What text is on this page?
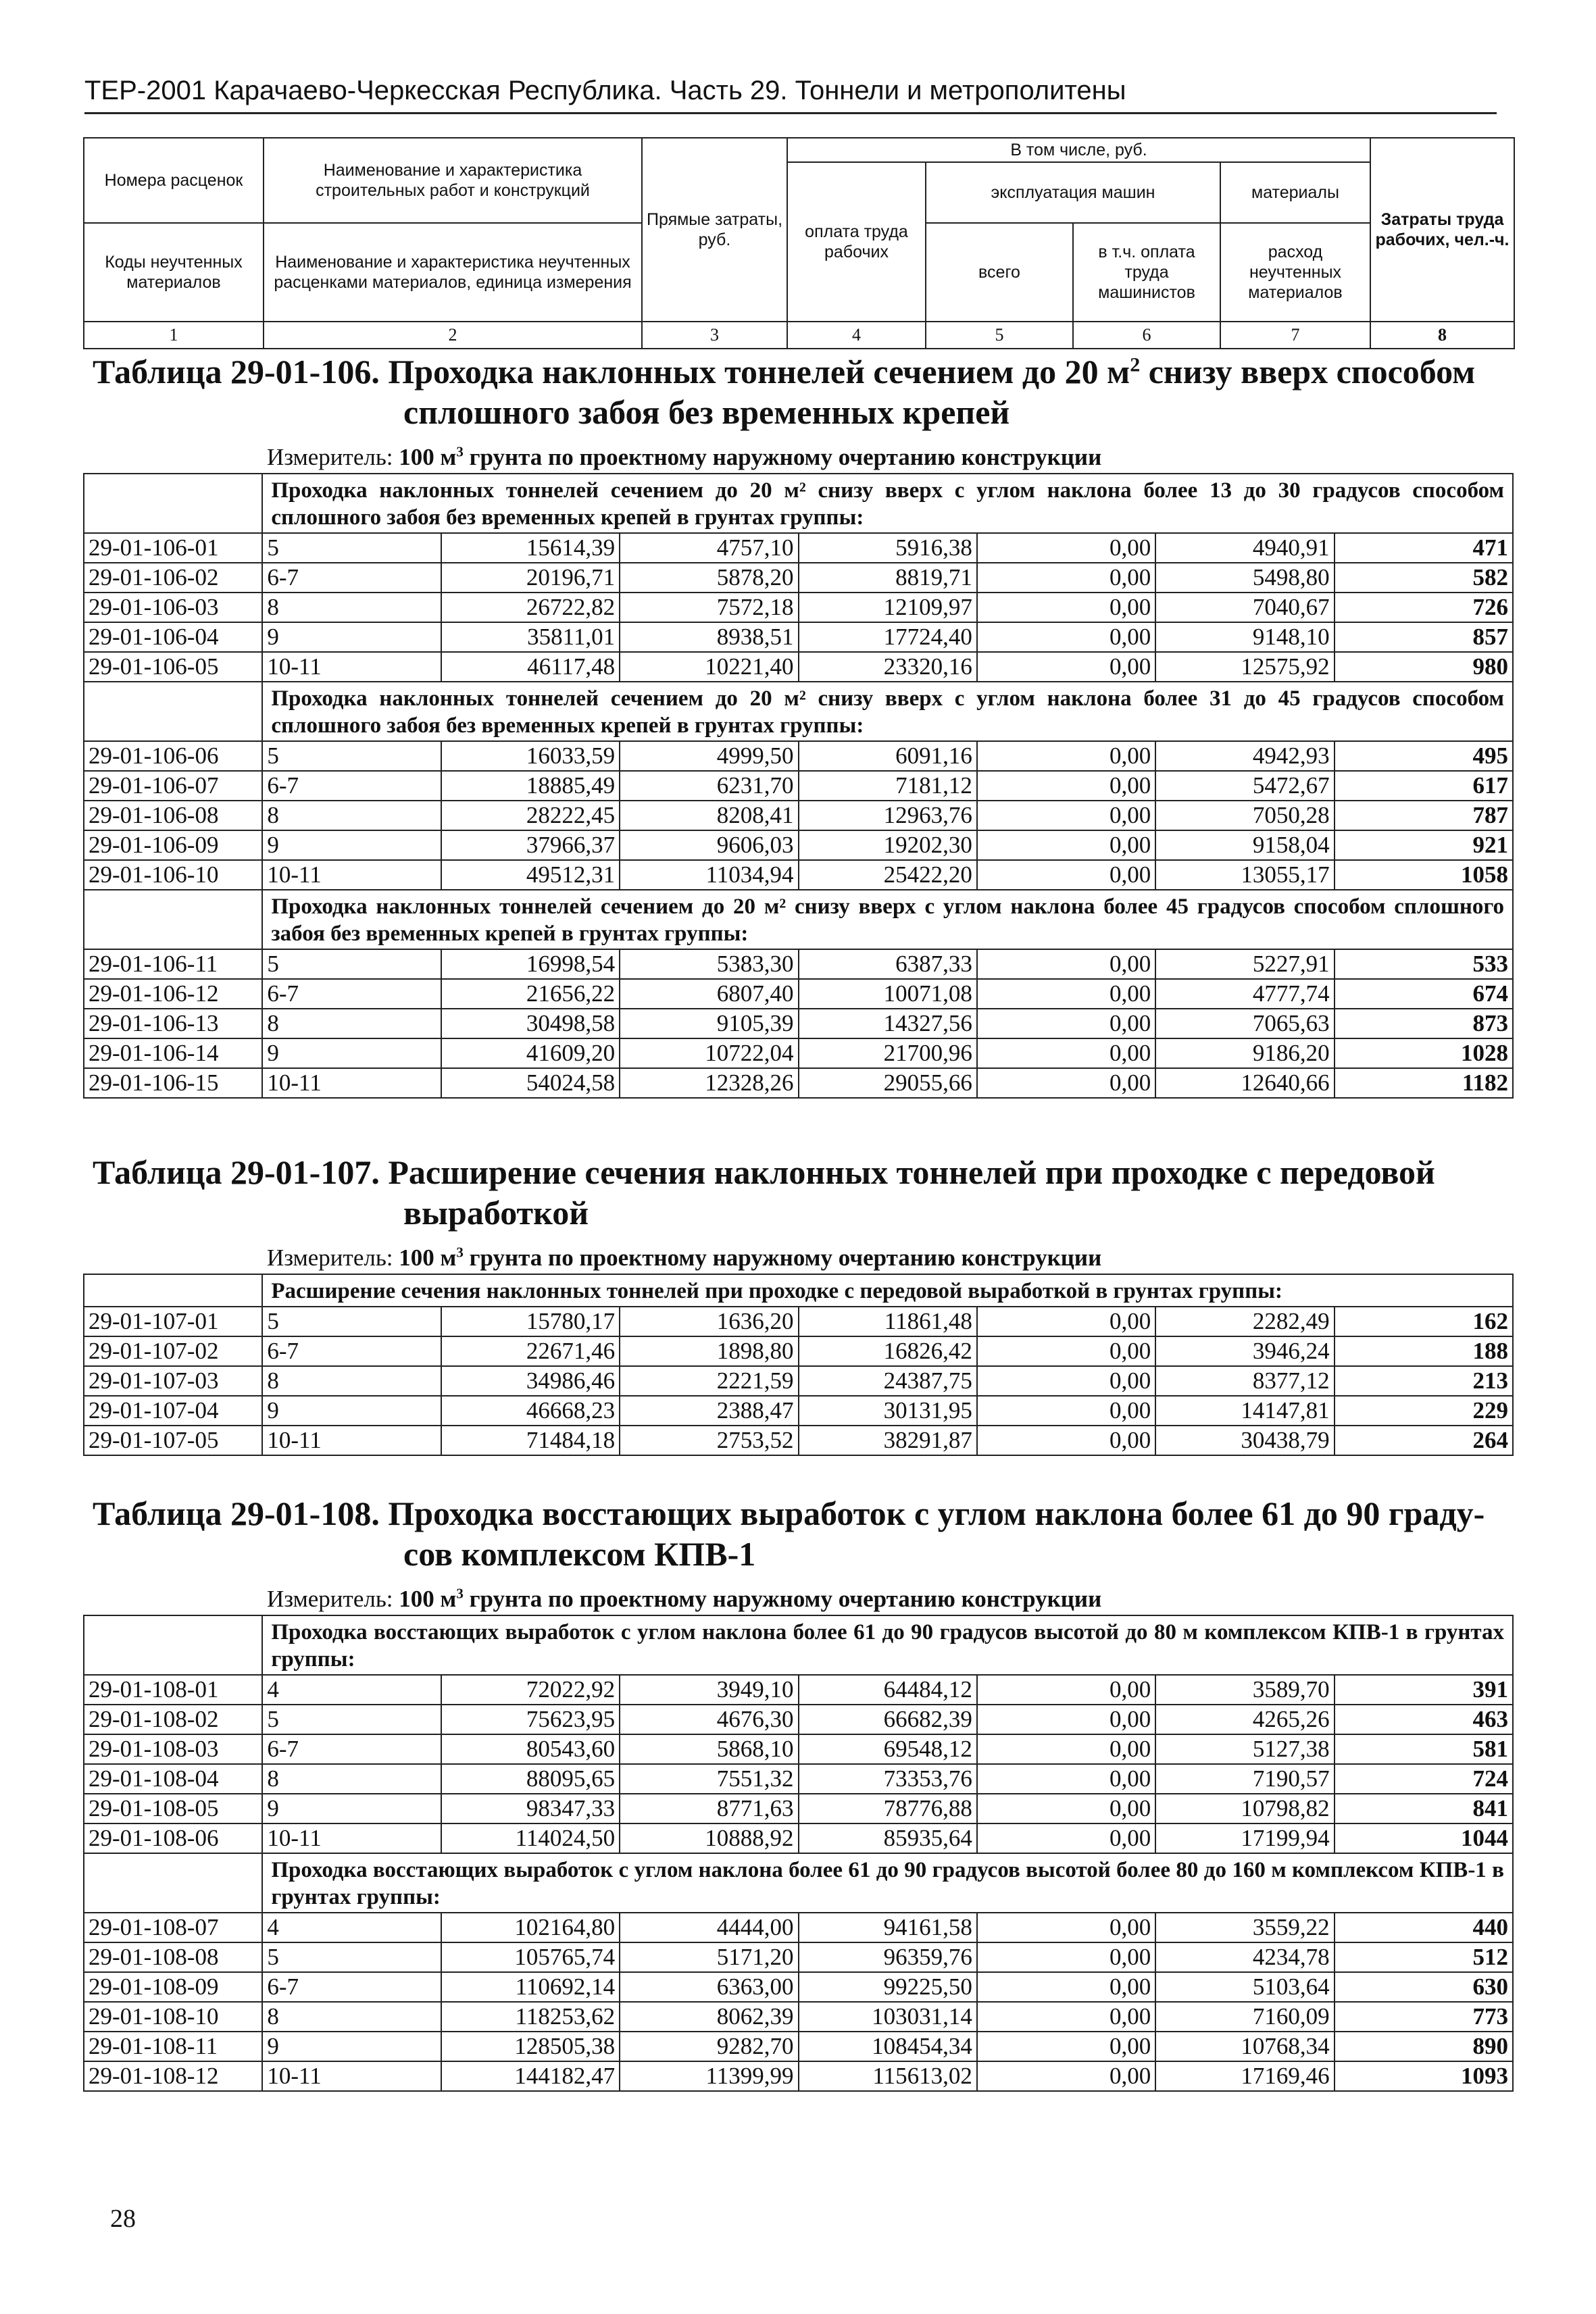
ТЕР-2001 Карачаево-Черкесская Республика. Часть 29. Тоннели и метрополитены
Номера расценок	Наименование и характеристика строительных работ и конструкций	Прямые затраты, руб.	В том числе, руб.				Затраты труда рабочих, чел.-ч.
			оплата труда рабочих	эксплуатация машин		материалы	
Коды неучтенных материалов	Наименование и характеристика неучтенных расценками материалов, единица измерения			всего	в т.ч. оплата труда машинистов	расход неучтенных материалов	

1	2	3	4	5	6	7	8
Таблица 29-01-106. Проходка наклонных тоннелей сечением до 20 $м^2$ снизу вверх способом
сплошного забоя без временных крепей
Измеритель: 100 $м^3$ грунта по проектному наружному очертанию конструкции
	Проходка наклонных тоннелей сечением до 20 м² снизу вверх с углом наклона более 13 до 30 градусов способом сплошного забоя без временных крепей в грунтах группы:						
29-01-106-01	5	15614,39	4757,10	5916,38	0,00	4940,91	471
29-01-106-02	6-7	20196,71	5878,20	8819,71	0,00	5498,80	582
29-01-106-03	8	26722,82	7572,18	12109,97	0,00	7040,67	726
29-01-106-04	9	35811,01	8938,51	17724,40	0,00	9148,10	857
29-01-106-05	10-11	46117,48	10221,40	23320,16	0,00	12575,92	980
	Проходка наклонных тоннелей сечением до 20 м² снизу вверх с углом наклона более 31 до 45 градусов способом сплошного забоя без временных крепей в грунтах группы:						
29-01-106-06	5	16033,59	4999,50	6091,16	0,00	4942,93	495
29-01-106-07	6-7	18885,49	6231,70	7181,12	0,00	5472,67	617
29-01-106-08	8	28222,45	8208,41	12963,76	0,00	7050,28	787
29-01-106-09	9	37966,37	9606,03	19202,30	0,00	9158,04	921
29-01-106-10	10-11	49512,31	11034,94	25422,20	0,00	13055,17	1058
	Проходка наклонных тоннелей сечением до 20 м² снизу вверх с углом наклона более 45 градусов способом сплошного забоя без временных крепей в грунтах группы:						
29-01-106-11	5	16998,54	5383,30	6387,33	0,00	5227,91	533
29-01-106-12	6-7	21656,22	6807,40	10071,08	0,00	4777,74	674
29-01-106-13	8	30498,58	9105,39	14327,56	0,00	7065,63	873
29-01-106-14	9	41609,20	10722,04	21700,96	0,00	9186,20	1028
29-01-106-15	10-11	54024,58	12328,26	29055,66	0,00	12640,66	1182
Таблица 29-01-107. Расширение сечения наклонных тоннелей при проходке с передовой
выработкой
Измеритель: 100 $м^3$ грунта по проектному наружному очертанию конструкции
	Расширение сечения наклонных тоннелей при проходке с передовой выработкой в грунтах группы:						
29-01-107-01	5	15780,17	1636,20	11861,48	0,00	2282,49	162
29-01-107-02	6-7	22671,46	1898,80	16826,42	0,00	3946,24	188
29-01-107-03	8	34986,46	2221,59	24387,75	0,00	8377,12	213
29-01-107-04	9	46668,23	2388,47	30131,95	0,00	14147,81	229
29-01-107-05	10-11	71484,18	2753,52	38291,87	0,00	30438,79	264
Таблица 29-01-108. Проходка восстающих выработок с углом наклона более 61 до 90 граду-
сов комплексом КПВ-1
Измеритель: 100 $м^3$ грунта по проектному наружному очертанию конструкции
	Проходка восстающих выработок с углом наклона более 61 до 90 градусов высотой до 80 м комплексом КПВ-1 в грунтах группы:						
29-01-108-01	4	72022,92	3949,10	64484,12	0,00	3589,70	391
29-01-108-02	5	75623,95	4676,30	66682,39	0,00	4265,26	463
29-01-108-03	6-7	80543,60	5868,10	69548,12	0,00	5127,38	581
29-01-108-04	8	88095,65	7551,32	73353,76	0,00	7190,57	724
29-01-108-05	9	98347,33	8771,63	78776,88	0,00	10798,82	841
29-01-108-06	10-11	114024,50	10888,92	85935,64	0,00	17199,94	1044
	Проходка восстающих выработок с углом наклона более 61 до 90 градусов высотой более 80 до 160 м комплексом КПВ-1 в грунтах группы:						
29-01-108-07	4	102164,80	4444,00	94161,58	0,00	3559,22	440
29-01-108-08	5	105765,74	5171,20	96359,76	0,00	4234,78	512
29-01-108-09	6-7	110692,14	6363,00	99225,50	0,00	5103,64	630
29-01-108-10	8	118253,62	8062,39	103031,14	0,00	7160,09	773
29-01-108-11	9	128505,38	9282,70	108454,34	0,00	10768,34	890
29-01-108-12	10-11	144182,47	11399,99	115613,02	0,00	17169,46	1093
28
